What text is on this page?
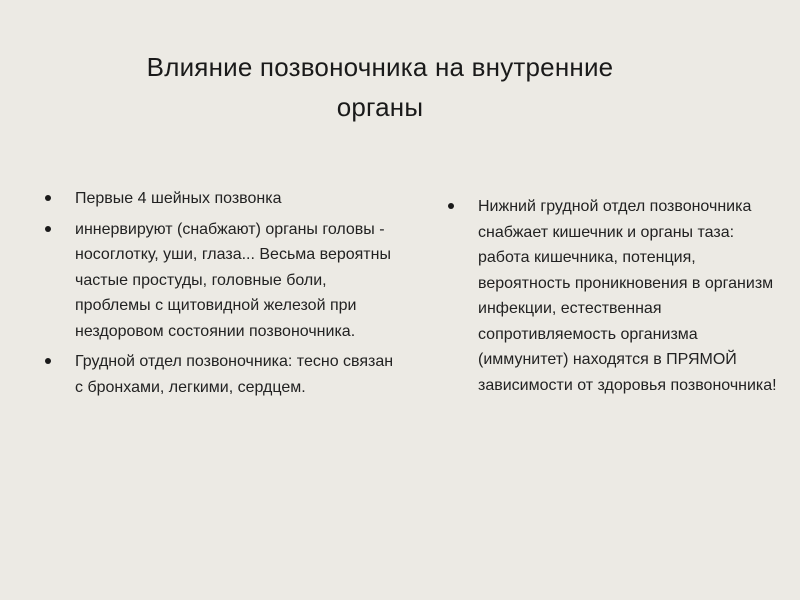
Влияние позвоночника на внутренние
органы
Первые 4 шейных позвонка
иннервируют (снабжают) органы головы - носоглотку, уши, глаза... Весьма вероятны частые простуды, головные боли, проблемы с щитовидной железой при нездоровом состоянии позвоночника.
Грудной отдел позвоночника: тесно связан с бронхами, легкими, сердцем.
Нижний грудной отдел позвоночника снабжает кишечник и органы таза: работа кишечника, потенция, вероятность проникновения в организм инфекции, естественная сопротивляемость организма (иммунитет) находятся в ПРЯМОЙ зависимости от здоровья позвоночника!
